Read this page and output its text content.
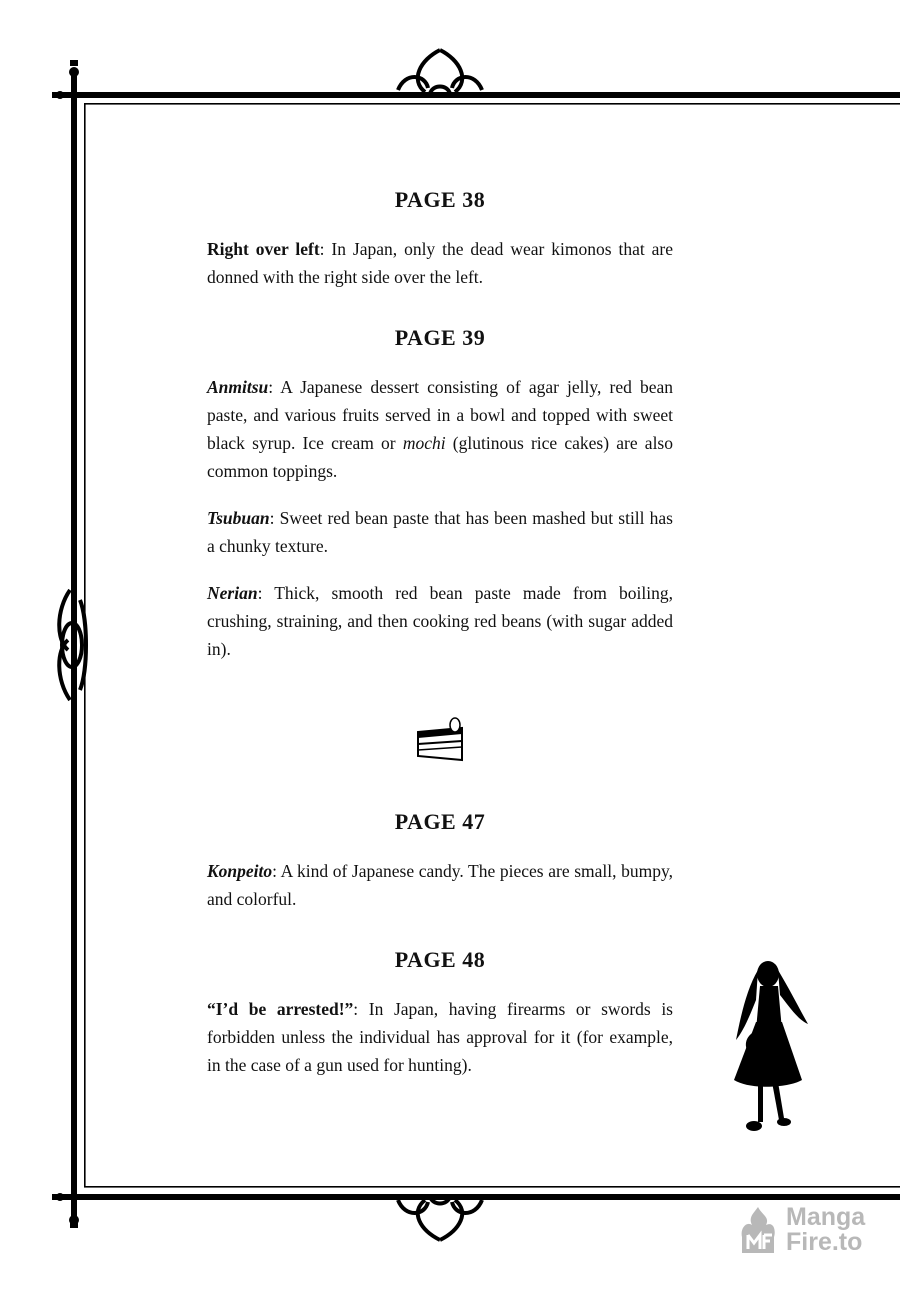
PAGE 38

Right over left: In Japan, only the dead wear kimonos that are donned with the right side over the left.

PAGE 39

Anmitsu: A Japanese dessert consisting of agar jelly, red bean paste, and various fruits served in a bowl and topped with sweet black syrup. Ice cream or mochi (glutinous rice cakes) are also common toppings.

Tsubuan: Sweet red bean paste that has been mashed but still has a chunky texture.

Nerian: Thick, smooth red bean paste made from boiling, crushing, straining, and then cooking red beans (with sugar added in).

PAGE 47

Konpeito: A kind of Japanese candy. The pieces are small, bumpy, and colorful.

PAGE 48

“I’d be arrested!”: In Japan, having firearms or swords is forbidden unless the individual has approval for it (for example, in the case of a gun used for hunting).

Manga
Fire.to
